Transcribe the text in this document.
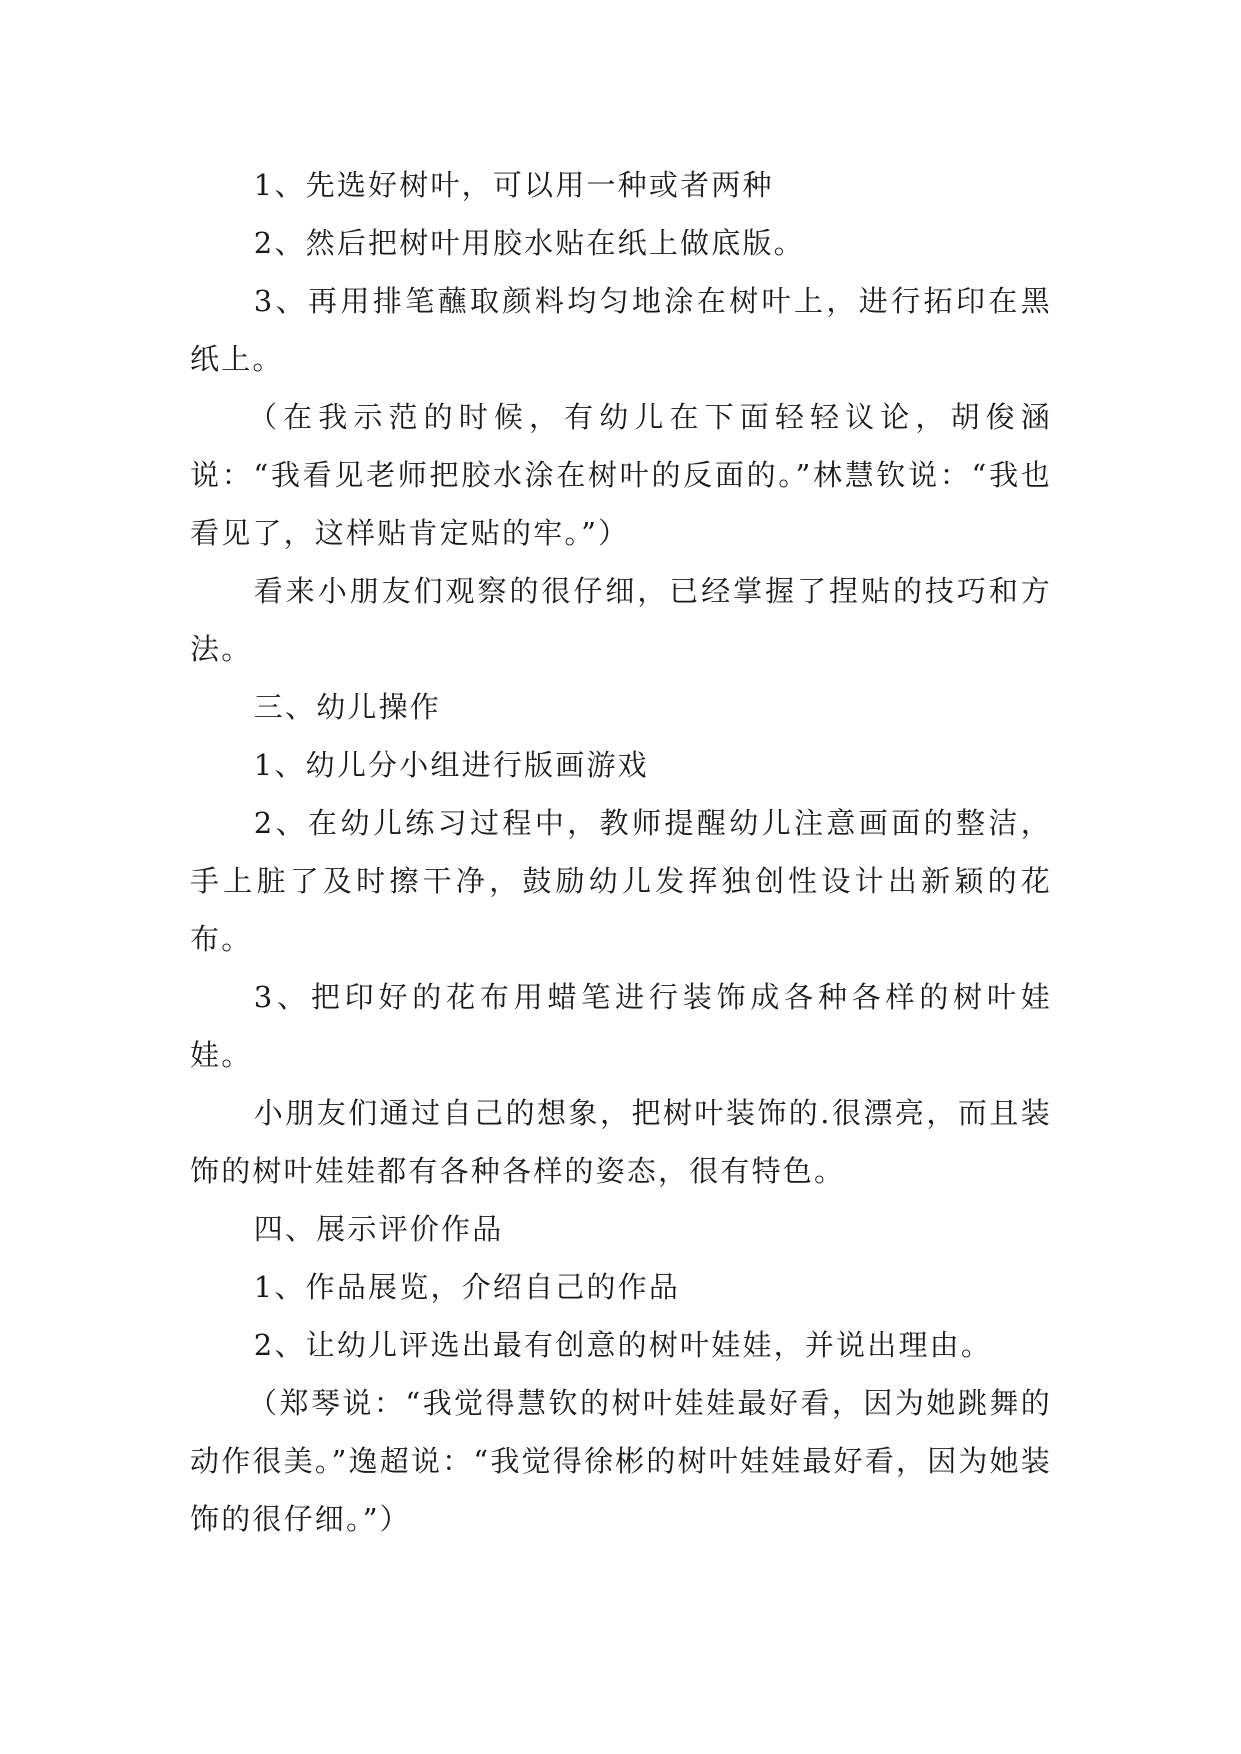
1、先选好树叶，可以用一种或者两种

2、然后把树叶用胶水贴在纸上做底版。

3、再用排笔蘸取颜料均匀地涂在树叶上，进行拓印在黑纸上。

（在我示范的时候，有幼儿在下面轻轻议论，胡俊涵说：“我看见老师把胶水涂在树叶的反面的。”林慧钦说：“我也看见了，这样贴肯定贴的牢。”）

看来小朋友们观察的很仔细，已经掌握了捏贴的技巧和方法。

三、幼儿操作

1、幼儿分小组进行版画游戏

2、在幼儿练习过程中，教师提醒幼儿注意画面的整洁，手上脏了及时擦干净，鼓励幼儿发挥独创性设计出新颖的花布。

3、把印好的花布用蜡笔进行装饰成各种各样的树叶娃娃。

小朋友们通过自己的想象，把树叶装饰的.很漂亮，而且装饰的树叶娃娃都有各种各样的姿态，很有特色。

四、展示评价作品

1、作品展览，介绍自己的作品

2、让幼儿评选出最有创意的树叶娃娃，并说出理由。

（郑琴说：“我觉得慧钦的树叶娃娃最好看，因为她跳舞的动作很美。”逸超说：“我觉得徐彬的树叶娃娃最好看，因为她装饰的很仔细。”）
